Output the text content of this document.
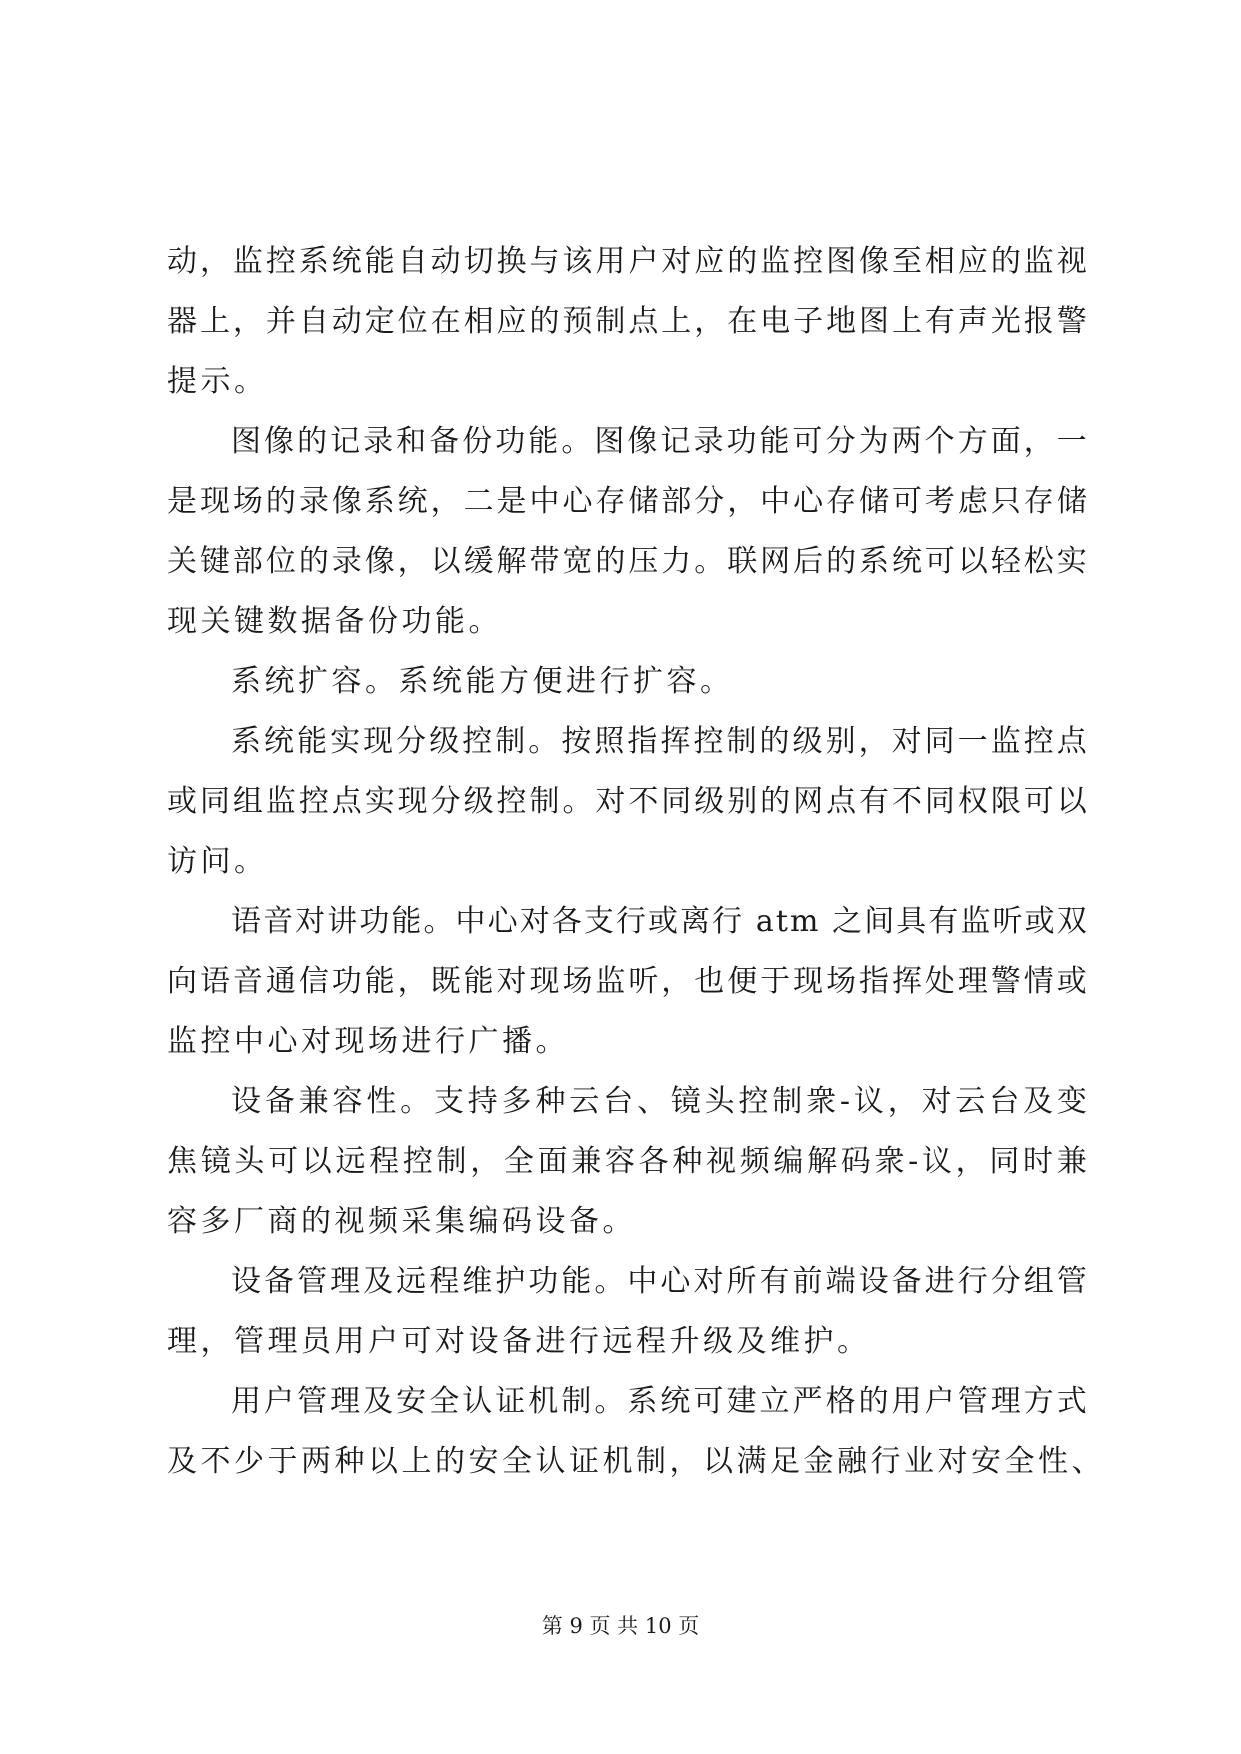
动 ， 监 控 系 统 能 自 动 切 换 与 该 用 户 对 应 的 监 控 图 像 至 相 应 的 监 视
器 上 ， 并 自 动 定 位 在 相 应 的 预 制 点 上 ， 在 电 子 地 图 上 有 声 光 报 警
提示。
图 像 的 记 录 和 备 份 功 能 。 图 像 记 录 功 能 可 分 为 两 个 方 面 ， 一
是 现 场 的 录 像 系 统 ， 二 是 中 心 存 储 部 分 ， 中 心 存 储 可 考 虑 只 存 储
关 键 部 位 的 录 像 ， 以 缓 解 带 宽 的 压 力 。 联 网 后 的 系 统 可 以 轻 松 实
现关键数据备份功能。
系统扩容。系统能方便进行扩容。
系 统 能 实 现 分 级 控 制 。 按 照 指 挥 控 制 的 级 别 ， 对 同 一 监 控 点
或 同 组 监 控 点 实 现 分 级 控 制 。 对 不 同 级 别 的 网 点 有 不 同 权 限 可 以
访问。
语 音 对 讲 功 能 。 中 心 对 各 支 行 或 离 行
a t m
之 间 具 有 监 听 或 双
向 语 音 通 信 功 能 ， 既 能 对 现 场 监 听 ， 也 便 于 现 场 指 挥 处 理 警 情 或
监控中心对现场进行广播。
设 备 兼 容 性 。 支 持 多 种 云 台 、 镜 头 控 制 衆 - 议 ， 对 云 台 及 变
焦 镜 头 可 以 远 程 控 制 ， 全 面 兼 容 各 种 视 频 编 解 码 衆 - 议 ， 同 时 兼
容多厂商的视频采集编码设备。
设 备 管 理 及 远 程 维 护 功 能 。 中 心 对 所 有 前 端 设 备 进 行 分 组 管
理，管理员用户可对设备进行远程升级及维护。
用 户 管 理 及 安 全 认 证 机 制 。 系 统 可 建 立 严 格 的 用 户 管 理 方 式
及不少于两种以上的安全认证机制，以满足金融行业对安全性、
第 9 页 共 10 页
